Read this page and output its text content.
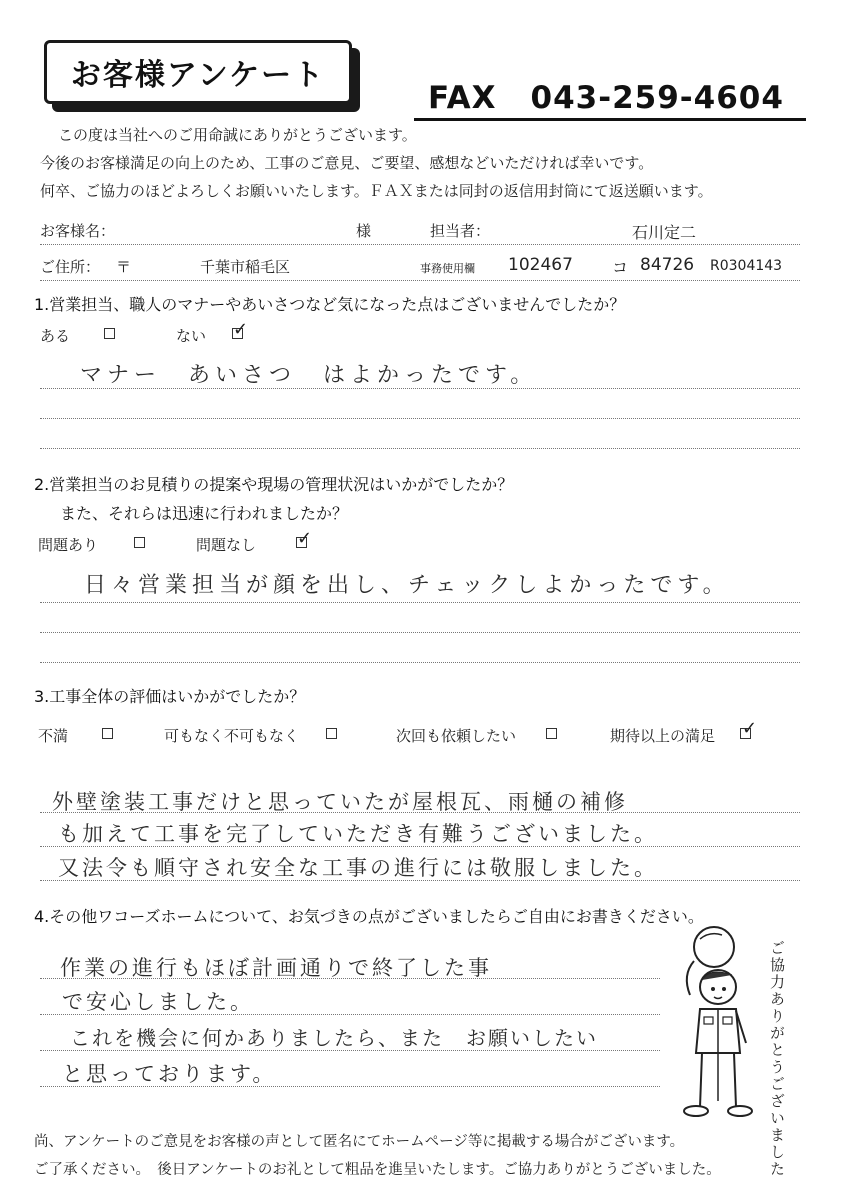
お客様アンケート
FAX 043-259-4604
この度は当社へのご用命誠にありがとうございます。
今後のお客様満足の向上のため、工事のご意見、ご要望、感想などいただければ幸いです。
何卒、ご協力のほどよろしくお願いいたします。ＦＡＸまたは同封の返信用封筒にて返送願います。
お客様名：	様	担当者：	石川定二
ご住所： 〒	千葉市稲毛区	事務使用欄 102467 コ 84726 R0304143
1.営業担当、職人のマナーやあいさつなど気になった点はございませんでしたか？
ある	ない ✓
マナー　あいさつ　はよかったです。
2.営業担当のお見積りの提案や現場の管理状況はいかがでしたか？
また、それらは迅速に行われましたか？
問題あり	問題なし ✓
日々営業担当が顔を出し、チェックしよかったです。
3.工事全体の評価はいかがでしたか？
不満	可もなく不可もなく	次回も依頼したい	期待以上の満足 ✓
外壁塗装工事だけと思っていたが屋根瓦、雨樋の補修
も加えて工事を完了していただき有難うございました。
又法令も順守され安全な工事の進行には敬服しました。
4.その他ワコーズホームについて、お気づきの点がございましたらご自由にお書きください。
作業の進行もほぼ計画通りで終了した事
で安心しました。
これを機会に何かありましたら、また　お願いしたい
と思っております。	ご協力ありがとうございました
尚、アンケートのご意見をお客様の声として匿名にてホームページ等に掲載する場合がございます。
ご了承ください。　後日アンケートのお礼として粗品を進呈いたします。ご協力ありがとうございました。
